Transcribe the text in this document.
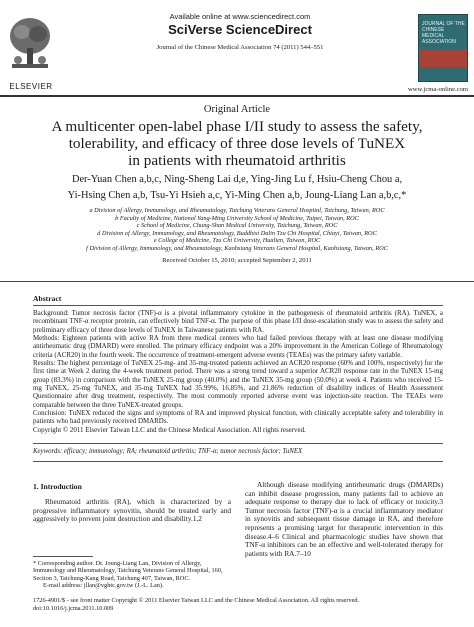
ELSEVIER
Available online at www.sciencedirect.com
SciVerse ScienceDirect
Journal of the Chinese Medical Association 74 (2011) 544–551
JOURNAL OF THE CHINESE MEDICAL ASSOCIATION
www.jcma-online.com
Original Article
A multicenter open-label phase I/II study to assess the safety,
tolerability, and efficacy of three dose levels of TuNEX
in patients with rheumatoid arthritis
Der-Yuan Chen a,b,c, Ning-Sheng Lai d,e, Ying-Jing Lu f, Hsiu-Cheng Chou a,
Yi-Hsing Chen a,b, Tsu-Yi Hsieh a,c, Yi-Ming Chen a,b, Joung-Liang Lan a,b,c,*
a Division of Allergy, Immunology, and Rheumatology, Taichung Veterans General Hospital, Taichung, Taiwan, ROC
b Faculty of Medicine, National Yang-Ming University School of Medicine, Taipei, Taiwan, ROC
c School of Medicine, Chung-Shan Medical University, Taichung, Taiwan, ROC
d Division of Allergy, Immunology, and Rheumatology, Buddhist Dalin Tzu Chi Hospital, Chiayi, Taiwan, ROC
e College of Medicine, Tzu Chi University, Hualien, Taiwan, ROC
f Division of Allergy, Immunology, and Rheumatology, Kaohsiung Veterans General Hospital, Kaohsiung, Taiwan, ROC
Received October 15, 2010; accepted September 2, 2011
Abstract

Background: Tumor necrosis factor (TNF)-α is a pivotal inflammatory cytokine in the pathogenesis of rheumatoid arthritis (RA). TuNEX, a recombinant TNF-α receptor protein, can effectively bind TNF-α. The purpose of this phase I/II dose-escalation study was to assess the safety and preliminary efficacy of three dose levels of TuNEX in Taiwanese patients with RA.

Methods: Eighteen patients with active RA from three medical centers who had failed previous therapy with at least one disease modifying antirheumatic drug (DMARD) were enrolled. The primary efficacy endpoint was a 20% improvement in the American College of Rheumatology criteria (ACR20) in the fourth week. The occurrence of treatment-emergent adverse events (TEAEs) was the primary safety variable.

Results: The highest percentage of TuNEX 25-mg- and 35-mg-treated patients achieved an ACR20 response (60% and 100%, respectively) for the first time at Week 2 during the 4-week treatment period. There was a strong trend toward a superior ACR20 response rate in the TuNEX 15-mg group (83.3%) in comparison with the TuNEX 25-mg group (40.0%) and the TuNEX 35-mg group (50.0%) at week 4. Patients who received 15-mg TuNEX, 25-mg TuNEX, and 35-mg TuNEX had 35.99%, 16.85%, and 21.86% reduction of disability indices of Health Assessment Questionnaire after drug treatment, respectively. The most commonly reported adverse event was injection-site reaction. The TEAEs were comparable between the three TuNEX-treated groups.

Conclusion: TuNEX reduced the signs and symptoms of RA and improved physical function, with clinically acceptable safety and tolerability in patients who had previously received DMARDs.

Copyright © 2011 Elsevier Taiwan LLC and the Chinese Medical Association. All rights reserved.

Keywords: efficacy; immunology; RA; rheumatoid arthritis; TNF-α; tumor necrosis factor; TuNEX
1. Introduction

Rheumatoid arthritis (RA), which is characterized by a progressive inflammatory synovitis, should be treated early and aggressively to prevent joint destruction and disability.1,2

Although disease modifying antirheumatic drugs (DMARDs) can inhibit disease progression, many patients fail to achieve an adequate response to therapy due to lack of efficacy or toxicity.3 Tumor necrosis factor (TNF)-α is a crucial inflammatory mediator in synovitis and subsequent tissue damage in RA, and therefore represents a promising target for therapeutic intervention in this disease.4–6 Clinical and pharmacologic studies have shown that TNF-α inhibitors can be an effective and well-tolerated therapy for patients with RA.7–10

* Corresponding author. Dr. Joung-Liang Lan, Division of Allergy, Immunology and Rheumatology, Taichung Veterans General Hospital, 160, Section 3, Taichung-Kang Road, Taichung 407, Taiwan, ROC.

E-mail address: jllan@vghtc.gov.tw (J.-L. Lan).

1726-4901/$ - see front matter Copyright © 2011 Elsevier Taiwan LLC and the Chinese Medical Association. All rights reserved.

doi:10.1016/j.jcma.2011.10.009
